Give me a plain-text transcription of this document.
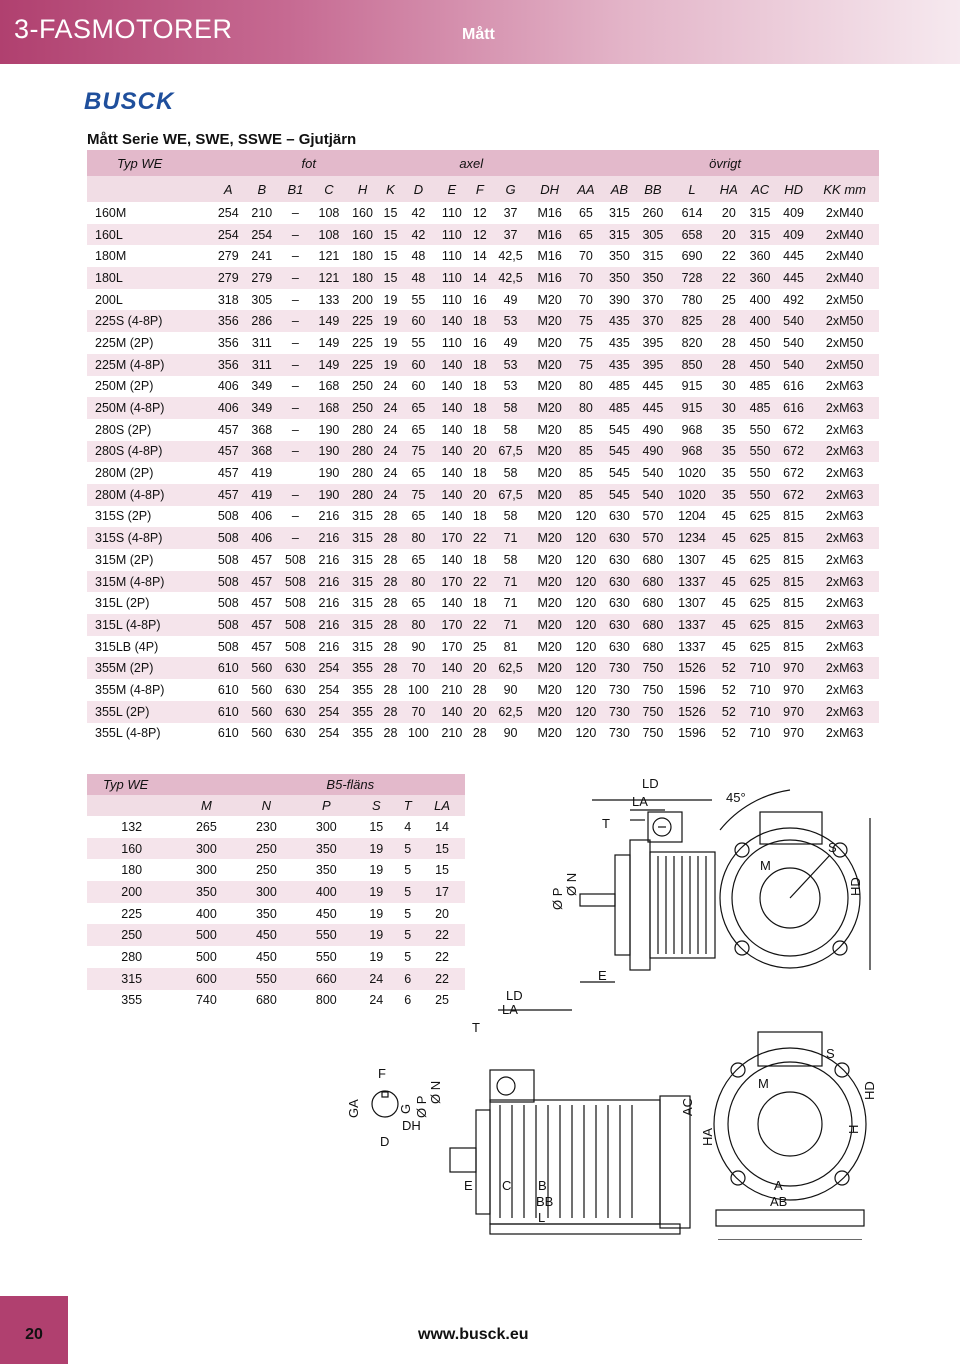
3-FASMOTORER	Mått
BUSCK
Mått Serie WE, SWE, SSWE – Gjutjärn
Typ WE	fot					axel						övrigt							
	A	B	B1	C	H	K	D	E	F	G	DH	AA	AB	BB	L	HA	AC	HD	KK mm
160M	254	210	–	108	160	15	42	110	12	37	M16	65	315	260	614	20	315	409	2xM40
160L	254	254	–	108	160	15	42	110	12	37	M16	65	315	305	658	20	315	409	2xM40
180M	279	241	–	121	180	15	48	110	14	42,5	M16	70	350	315	690	22	360	445	2xM40
180L	279	279	–	121	180	15	48	110	14	42,5	M16	70	350	350	728	22	360	445	2xM40
200L	318	305	–	133	200	19	55	110	16	49	M20	70	390	370	780	25	400	492	2xM50
225S (4-8P)	356	286	–	149	225	19	60	140	18	53	M20	75	435	370	825	28	400	540	2xM50
225M (2P)	356	311	–	149	225	19	55	110	16	49	M20	75	435	395	820	28	450	540	2xM50
225M (4-8P)	356	311	–	149	225	19	60	140	18	53	M20	75	435	395	850	28	450	540	2xM50
250M (2P)	406	349	–	168	250	24	60	140	18	53	M20	80	485	445	915	30	485	616	2xM63
250M (4-8P)	406	349	–	168	250	24	65	140	18	58	M20	80	485	445	915	30	485	616	2xM63
280S (2P)	457	368	–	190	280	24	65	140	18	58	M20	85	545	490	968	35	550	672	2xM63
280S (4-8P)	457	368	–	190	280	24	75	140	20	67,5	M20	85	545	490	968	35	550	672	2xM63
280M (2P)	457	419		190	280	24	65	140	18	58	M20	85	545	540	1020	35	550	672	2xM63
280M (4-8P)	457	419	–	190	280	24	75	140	20	67,5	M20	85	545	540	1020	35	550	672	2xM63
315S (2P)	508	406	–	216	315	28	65	140	18	58	M20	120	630	570	1204	45	625	815	2xM63
315S (4-8P)	508	406	–	216	315	28	80	170	22	71	M20	120	630	570	1234	45	625	815	2xM63
315M (2P)	508	457	508	216	315	28	65	140	18	58	M20	120	630	680	1307	45	625	815	2xM63
315M (4-8P)	508	457	508	216	315	28	80	170	22	71	M20	120	630	680	1337	45	625	815	2xM63
315L (2P)	508	457	508	216	315	28	65	140	18	71	M20	120	630	680	1307	45	625	815	2xM63
315L (4-8P)	508	457	508	216	315	28	80	170	22	71	M20	120	630	680	1337	45	625	815	2xM63
315LB (4P)	508	457	508	216	315	28	90	170	25	81	M20	120	630	680	1337	45	625	815	2xM63
355M (2P)	610	560	630	254	355	28	70	140	20	62,5	M20	120	730	750	1526	52	710	970	2xM63
355M (4-8P)	610	560	630	254	355	28	100	210	28	90	M20	120	730	750	1596	52	710	970	2xM63
355L (2P)	610	560	630	254	355	28	70	140	20	62,5	M20	120	730	750	1526	52	710	970	2xM63
355L (4-8P)	610	560	630	254	355	28	100	210	28	90	M20	120	730	750	1596	52	710	970	2xM63
Typ WE	B5-fläns					
	M	N	P	S	T	LA
132	265	230	300	15	4	14
160	300	250	350	19	5	15
180	300	250	350	19	5	15
200	350	300	400	19	5	17
225	400	350	450	19	5	20
250	500	450	550	19	5	22
280	500	450	550	19	5	22
315	600	550	660	24	6	22
355	740	680	800	24	6	25
LD
LA
T
45°
S
M
HD
Ø P
Ø N
E
LD
LA
T
F
GA	G
DH
Ø P
Ø N
D
AC
HA
M
S
HD
H
E C B
BB
L
A
AB
20	www.busck.eu
